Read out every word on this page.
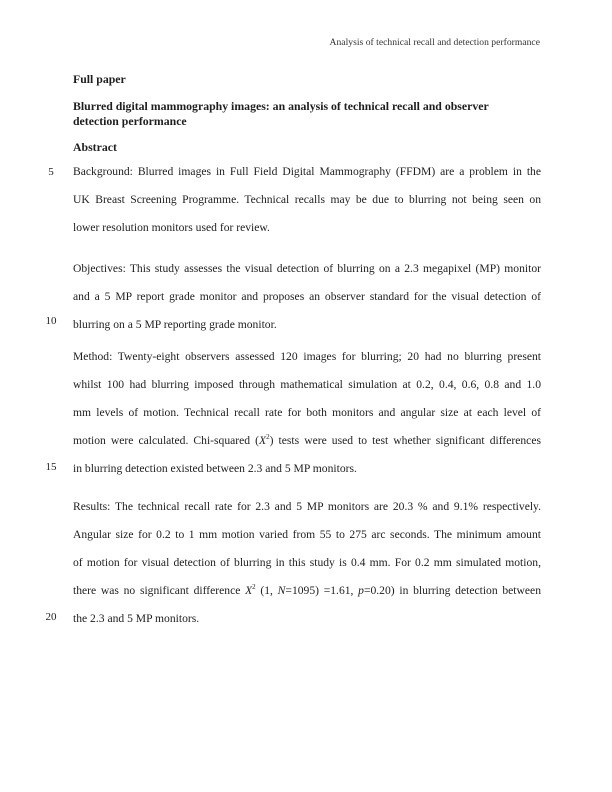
Analysis of technical recall and detection performance

Full paper

Blurred digital mammography images: an analysis of technical recall and observer
detection performance

Abstract

5
10
15
20
Background: Blurred images in Full Field Digital Mammography (FFDM) are a problem in the
UK Breast Screening Programme. Technical recalls may be due to blurring not being seen on
lower resolution monitors used for review.
Objectives: This study assesses the visual detection of blurring on a 2.3 megapixel (MP) monitor
and a 5 MP report grade monitor and proposes an observer standard for the visual detection of
blurring on a 5 MP reporting grade monitor.
Method: Twenty-eight observers assessed 120 images for blurring; 20 had no blurring present
whilst 100 had blurring imposed through mathematical simulation at 0.2, 0.4, 0.6, 0.8 and 1.0
mm levels of motion. Technical recall rate for both monitors and angular size at each level of
motion were calculated. Chi-squared $(X^2)$ tests were used to test whether significant differences
in blurring detection existed between 2.3 and 5 MP monitors.
Results: The technical recall rate for 2.3 and 5 MP monitors are 20.3 % and 9.1% respectively.
Angular size for 0.2 to 1 mm motion varied from 55 to 275 arc seconds. The minimum amount
of motion for visual detection of blurring in this study is 0.4 mm. For 0.2 mm simulated motion,
there was no significant difference $X^2$ (1, N=1095) =1.61, p=0.20) in blurring detection between
the 2.3 and 5 MP monitors.
